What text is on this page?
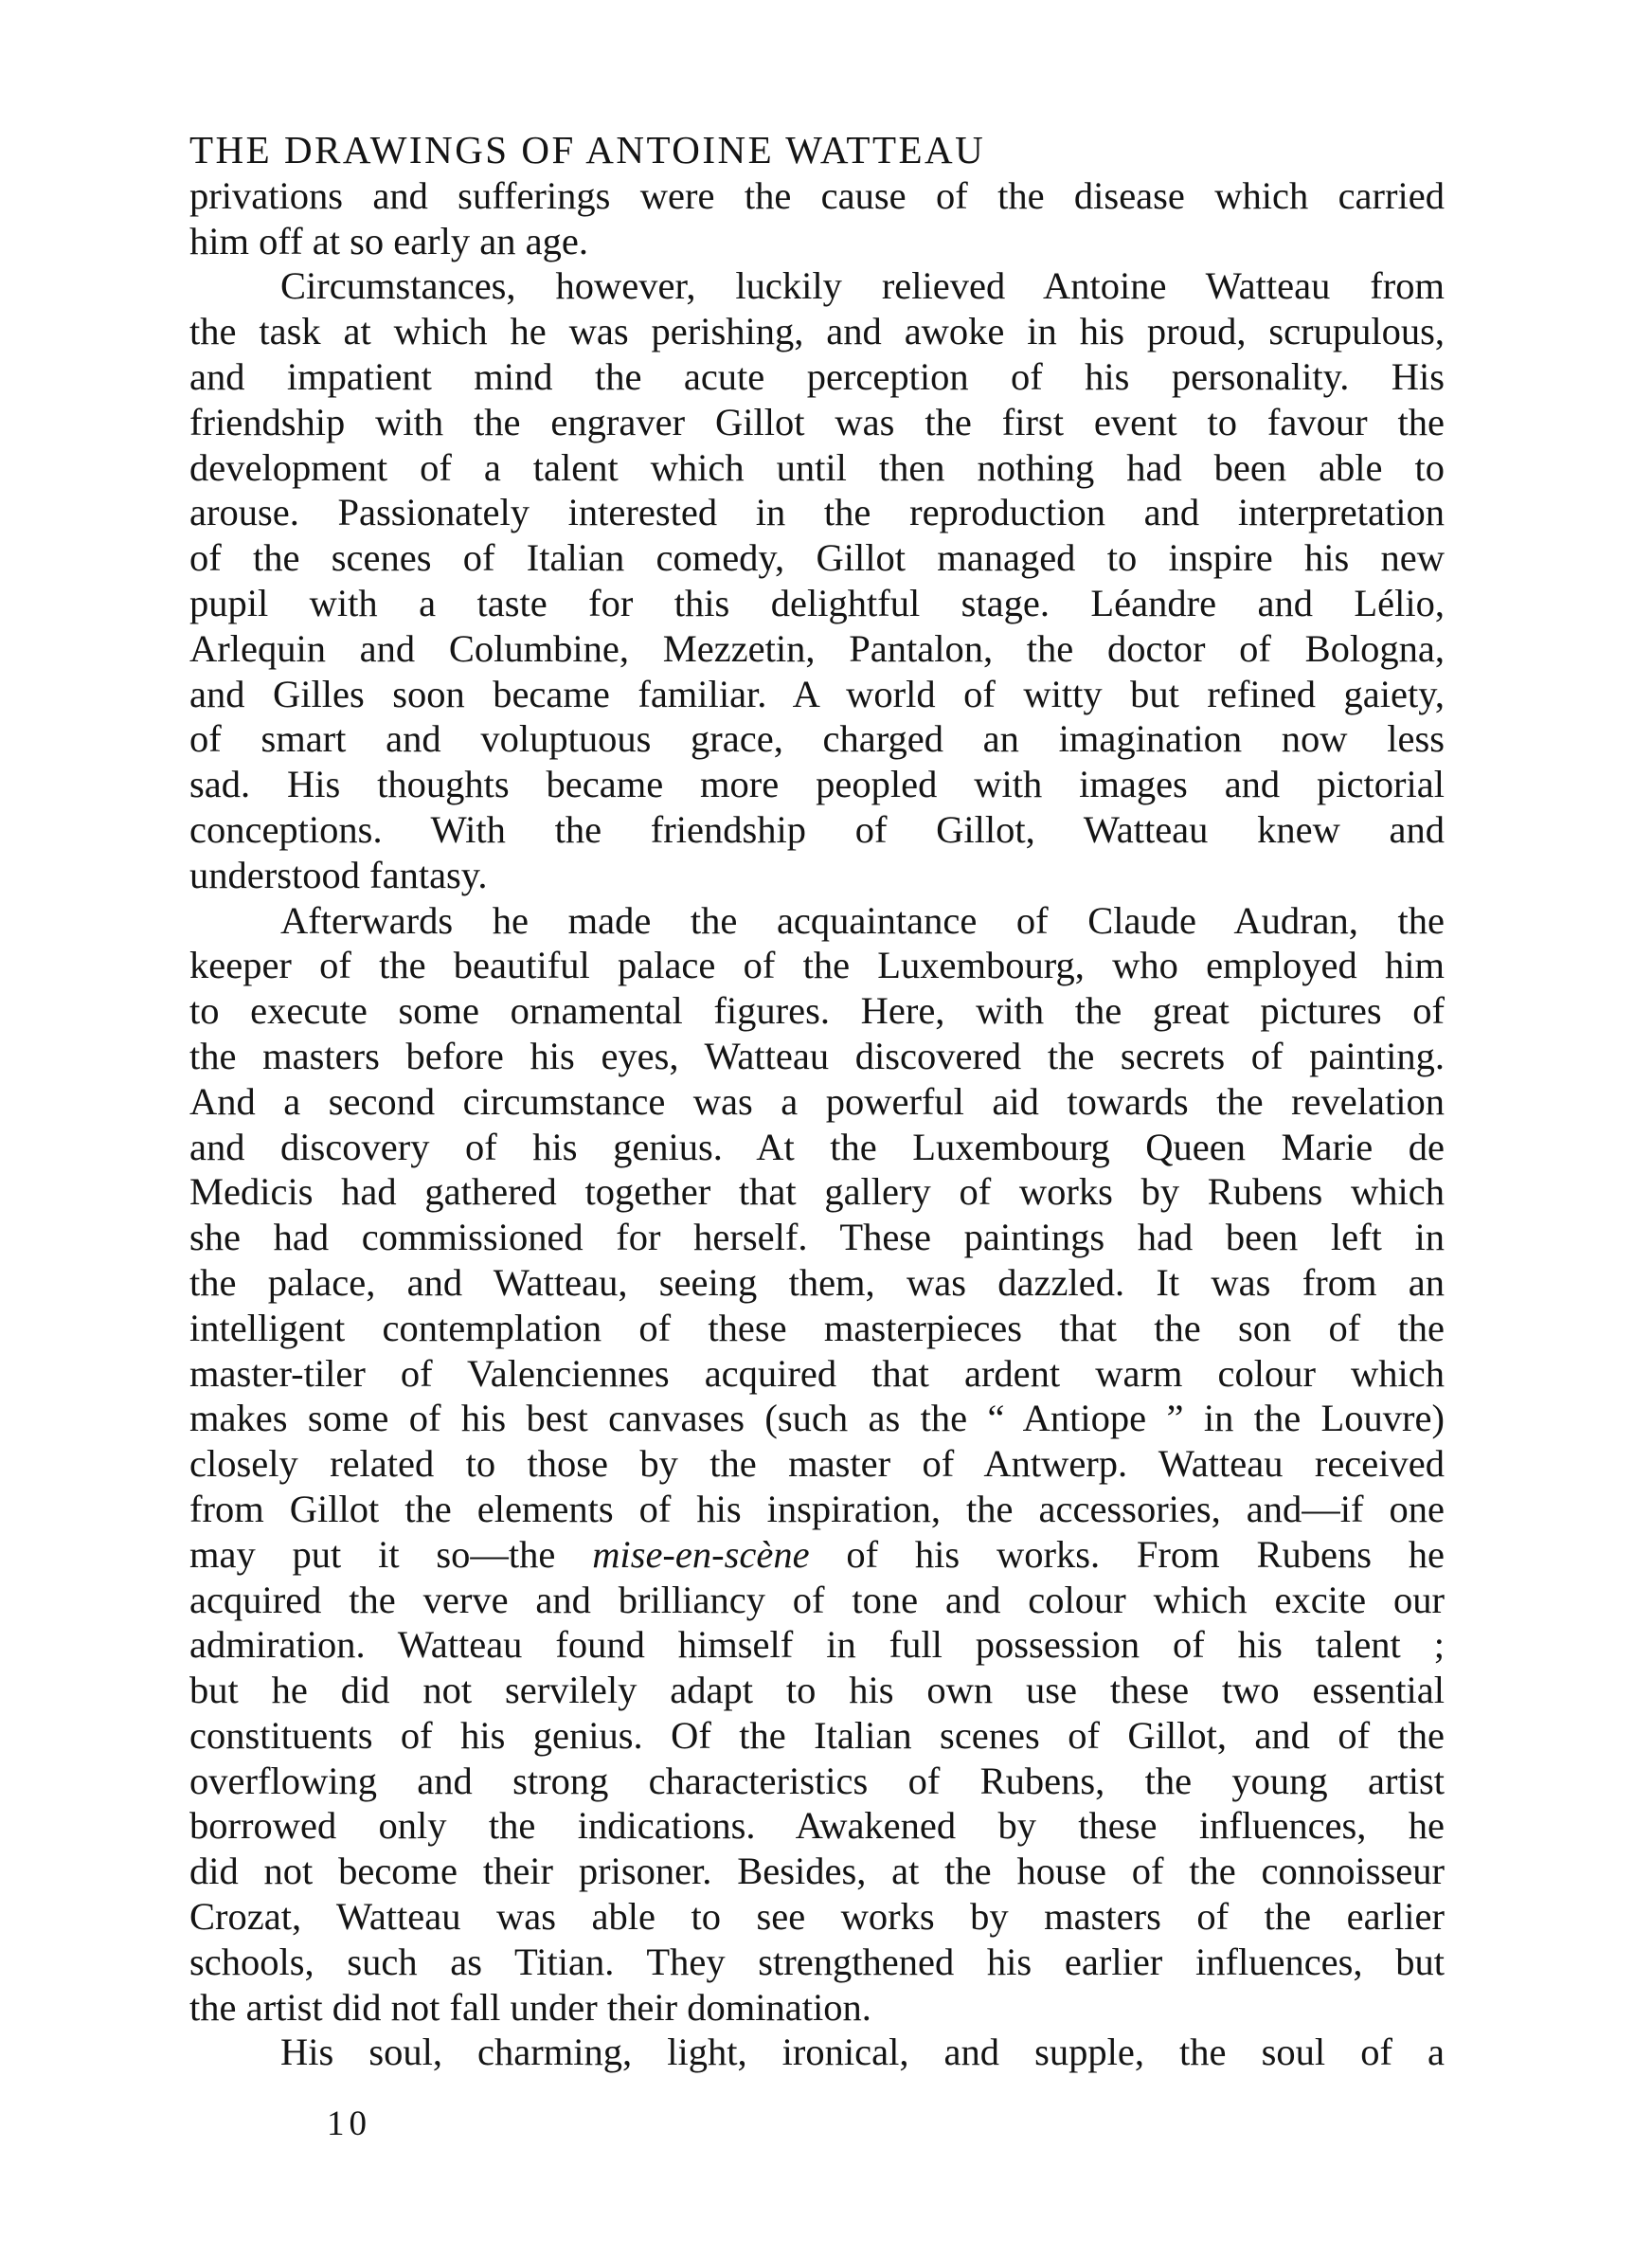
THE DRAWINGS OF ANTOINE WATTEAU
privations and sufferings were the cause of the disease which carried
him off at so early an age.
Circumstances, however, luckily relieved Antoine Watteau from
the task at which he was perishing, and awoke in his proud, scrupulous,
and impatient mind the acute perception of his personality. His
friendship with the engraver Gillot was the first event to favour the
development of a talent which until then nothing had been able to
arouse. Passionately interested in the reproduction and interpretation
of the scenes of Italian comedy, Gillot managed to inspire his new
pupil with a taste for this delightful stage. Léandre and Lélio,
Arlequin and Columbine, Mezzetin, Pantalon, the doctor of Bologna,
and Gilles soon became familiar. A world of witty but refined gaiety,
of smart and voluptuous grace, charged an imagination now less
sad. His thoughts became more peopled with images and pictorial
conceptions. With the friendship of Gillot, Watteau knew and
understood fantasy.
Afterwards he made the acquaintance of Claude Audran, the
keeper of the beautiful palace of the Luxembourg, who employed him
to execute some ornamental figures. Here, with the great pictures of
the masters before his eyes, Watteau discovered the secrets of painting.
And a second circumstance was a powerful aid towards the revelation
and discovery of his genius. At the Luxembourg Queen Marie de
Medicis had gathered together that gallery of works by Rubens which
she had commissioned for herself. These paintings had been left in
the palace, and Watteau, seeing them, was dazzled. It was from an
intelligent contemplation of these masterpieces that the son of the
master-tiler of Valenciennes acquired that ardent warm colour which
makes some of his best canvases (such as the “ Antiope ” in the Louvre)
closely related to those by the master of Antwerp. Watteau received
from Gillot the elements of his inspiration, the accessories, and—if one
may put it so—the mise-en-scène of his works. From Rubens he
acquired the verve and brilliancy of tone and colour which excite our
admiration. Watteau found himself in full possession of his talent ;
but he did not servilely adapt to his own use these two essential
constituents of his genius. Of the Italian scenes of Gillot, and of the
overflowing and strong characteristics of Rubens, the young artist
borrowed only the indications. Awakened by these influences, he
did not become their prisoner. Besides, at the house of the connoisseur
Crozat, Watteau was able to see works by masters of the earlier
schools, such as Titian. They strengthened his earlier influences, but
the artist did not fall under their domination.
His soul, charming, light, ironical, and supple, the soul of a
10
